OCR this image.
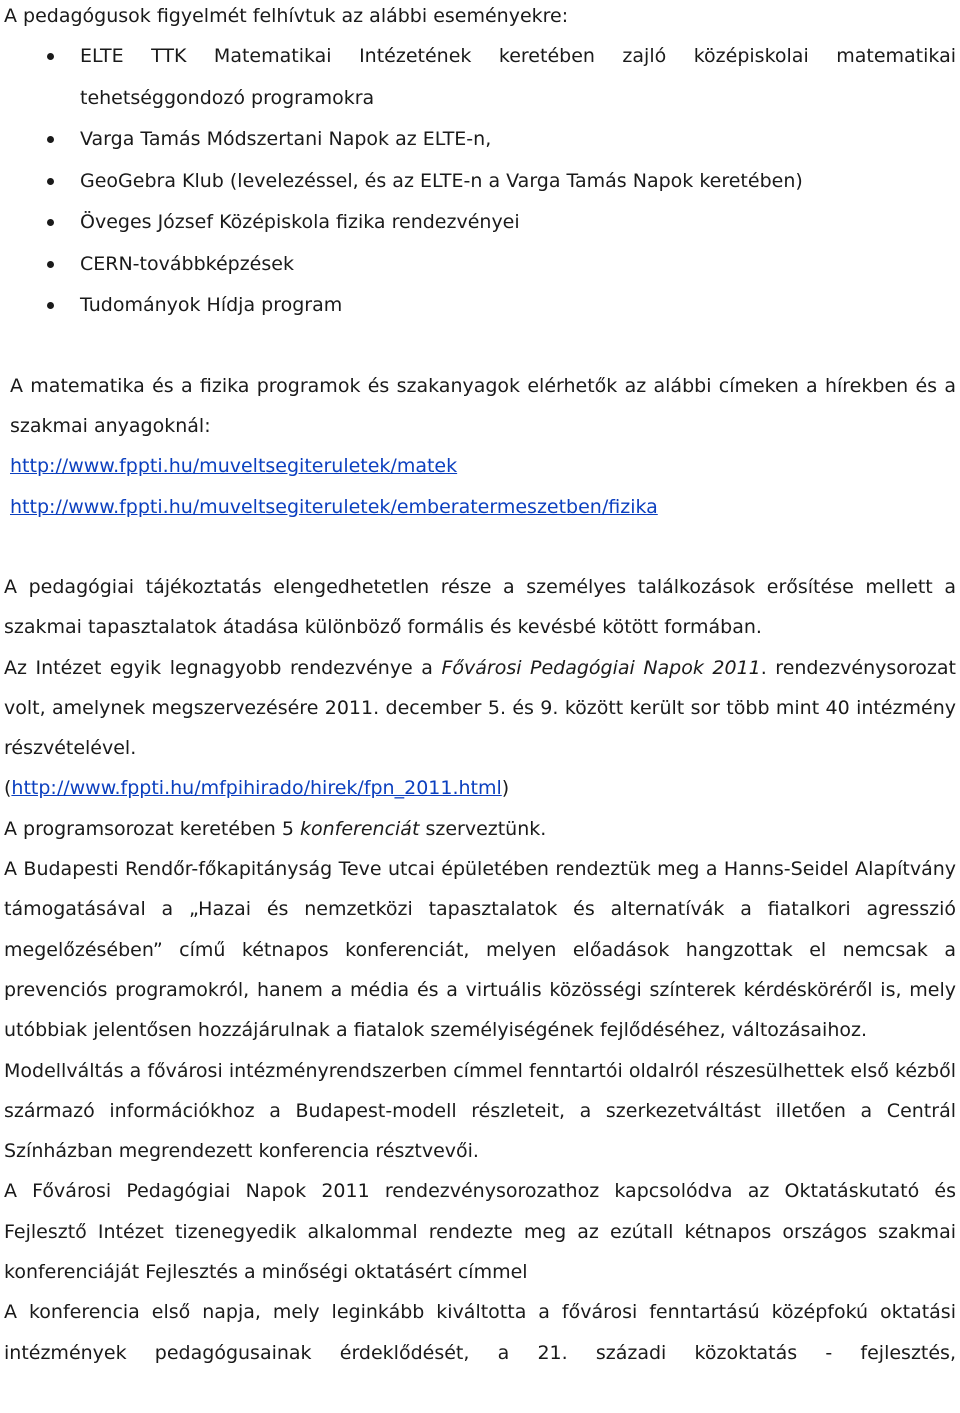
A pedagógusok figyelmét felhívtuk az alábbi eseményekre:

ELTE TTK Matematikai Intézetének keretében zajló középiskolai matematikai tehetséggondozó programokra
Varga Tamás Módszertani Napok az ELTE-n,
GeoGebra Klub (levelezéssel, és az ELTE-n a Varga Tamás Napok keretében)
Öveges József Középiskola fizika rendezvényei
CERN-továbbképzések
Tudományok Hídja program

A matematika és a fizika programok és szakanyagok elérhetők az alábbi címeken a hírekben és a szakmai anyagoknál:

http://www.fppti.hu/muveltsegiteruletek/matek

http://www.fppti.hu/muveltsegiteruletek/emberatermeszetben/fizika

A pedagógiai tájékoztatás elengedhetetlen része a személyes találkozások erősítése mellett a szakmai tapasztalatok átadása különböző formális és kevésbé kötött formában.

Az Intézet egyik legnagyobb rendezvénye a Fővárosi Pedagógiai Napok 2011. rendezvénysorozat volt, amelynek megszervezésére 2011. december 5. és 9. között került sor több mint 40 intézmény részvételével.

(http://www.fppti.hu/mfpihirado/hirek/fpn_2011.html)

A programsorozat keretében 5 konferenciát szerveztünk.

A Budapesti Rendőr-főkapitányság Teve utcai épületében rendeztük meg a Hanns-Seidel Alapítvány támogatásával a „Hazai és nemzetközi tapasztalatok és alternatívák a fiatalkori agresszió megelőzésében” című kétnapos konferenciát, melyen előadások hangzottak el nemcsak a prevenciós programokról, hanem a média és a virtuális közösségi színterek kérdésköréről is, mely utóbbiak jelentősen hozzájárulnak a fiatalok személyiségének fejlődéséhez, változásaihoz.

Modellváltás a fővárosi intézményrendszerben címmel fenntartói oldalról részesülhettek első kézből származó információkhoz a Budapest-modell részleteit, a szerkezetváltást illetően a Centrál Színházban megrendezett konferencia résztvevői.

A Fővárosi Pedagógiai Napok 2011 rendezvénysorozathoz kapcsolódva az Oktatáskutató és Fejlesztő Intézet tizenegyedik alkalommal rendezte meg az ezútall kétnapos országos szakmai konferenciáját Fejlesztés a minőségi oktatásért címmel

A konferencia első napja, mely leginkább kiváltotta a fővárosi fenntartású középfokú oktatási intézmények pedagógusainak érdeklődését, a 21. századi közoktatás - fejlesztés,
